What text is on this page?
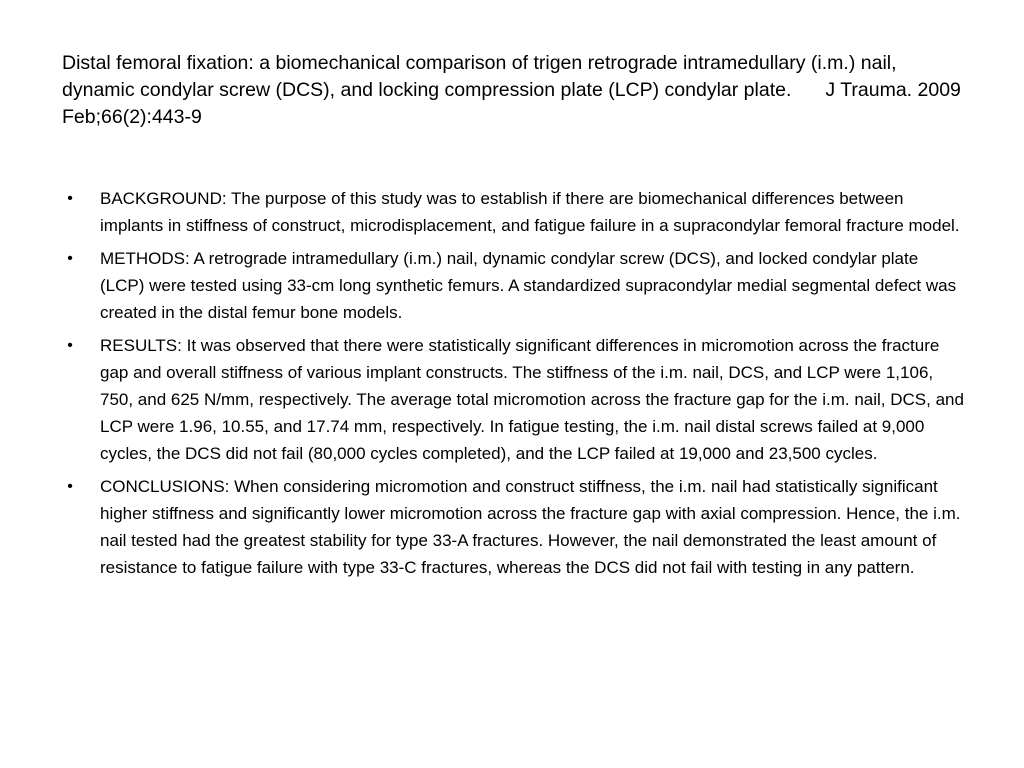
Distal femoral fixation: a biomechanical comparison of trigen retrograde intramedullary (i.m.) nail, dynamic condylar screw (DCS), and locking compression plate (LCP) condylar plate. J Trauma. 2009 Feb;66(2):443-9
• BACKGROUND: The purpose of this study was to establish if there are biomechanical differences between implants in stiffness of construct, microdisplacement, and fatigue failure in a supracondylar femoral fracture model.
• METHODS: A retrograde intramedullary (i.m.) nail, dynamic condylar screw (DCS), and locked condylar plate (LCP) were tested using 33-cm long synthetic femurs. A standardized supracondylar medial segmental defect was created in the distal femur bone models.
• RESULTS: It was observed that there were statistically significant differences in micromotion across the fracture gap and overall stiffness of various implant constructs. The stiffness of the i.m. nail, DCS, and LCP were 1,106, 750, and 625 N/mm, respectively. The average total micromotion across the fracture gap for the i.m. nail, DCS, and LCP were 1.96, 10.55, and 17.74 mm, respectively. In fatigue testing, the i.m. nail distal screws failed at 9,000 cycles, the DCS did not fail (80,000 cycles completed), and the LCP failed at 19,000 and 23,500 cycles.
• CONCLUSIONS: When considering micromotion and construct stiffness, the i.m. nail had statistically significant higher stiffness and significantly lower micromotion across the fracture gap with axial compression. Hence, the i.m. nail tested had the greatest stability for type 33-A fractures. However, the nail demonstrated the least amount of resistance to fatigue failure with type 33-C fractures, whereas the DCS did not fail with testing in any pattern.
